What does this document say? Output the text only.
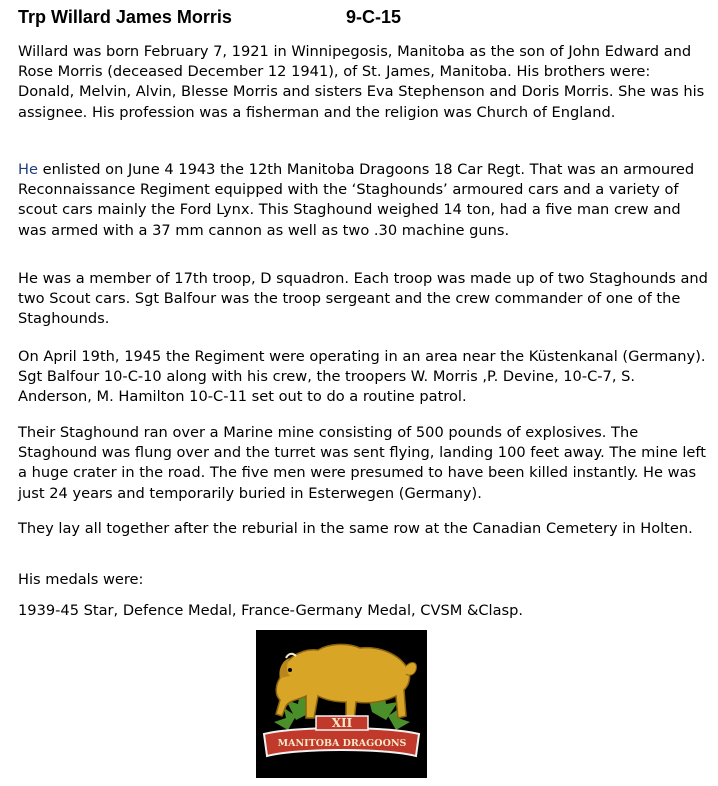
Trp Willard James Morris	9-C-15

Willard was born February 7, 1921 in Winnipegosis, Manitoba as the son of John Edward and Rose Morris (deceased December 12 1941), of St. James, Manitoba. His brothers were: Donald, Melvin, Alvin, Blesse Morris and sisters Eva Stephenson and Doris Morris. She was his assignee. His profession was a fisherman and the religion was Church of England.

He enlisted on June 4 1943 the 12th Manitoba Dragoons 18 Car Regt. That was an armoured Reconnaissance Regiment equipped with the ‘Staghounds’ armoured cars and a variety of scout cars mainly the Ford Lynx. This Staghound weighed 14 ton, had a five man crew and was armed with a 37 mm cannon as well as two .30 machine guns.

He was a member of 17th troop, D squadron. Each troop was made up of two Staghounds and two Scout cars. Sgt Balfour was the troop sergeant and the crew commander of one of the Staghounds.

On April 19th, 1945 the Regiment were operating in an area near the Küstenkanal (Germany). Sgt Balfour 10-C-10 along with his crew, the troopers W. Morris ,P. Devine, 10-C-7, S. Anderson, M. Hamilton 10-C-11 set out to do a routine patrol.

Their Staghound ran over a Marine mine consisting of 500 pounds of explosives. The Staghound was flung over and the turret was sent flying, landing 100 feet away. The mine left a huge crater in the road. The five men were presumed to have been killed instantly. He was just 24 years and temporarily buried in Esterwegen (Germany).

They lay all together after the reburial in the same row at the Canadian Cemetery in Holten.

His medals were:

1939-45 Star, Defence Medal, France-Germany Medal, CVSM &Clasp.

XII
MANITOBA DRAGOONS
